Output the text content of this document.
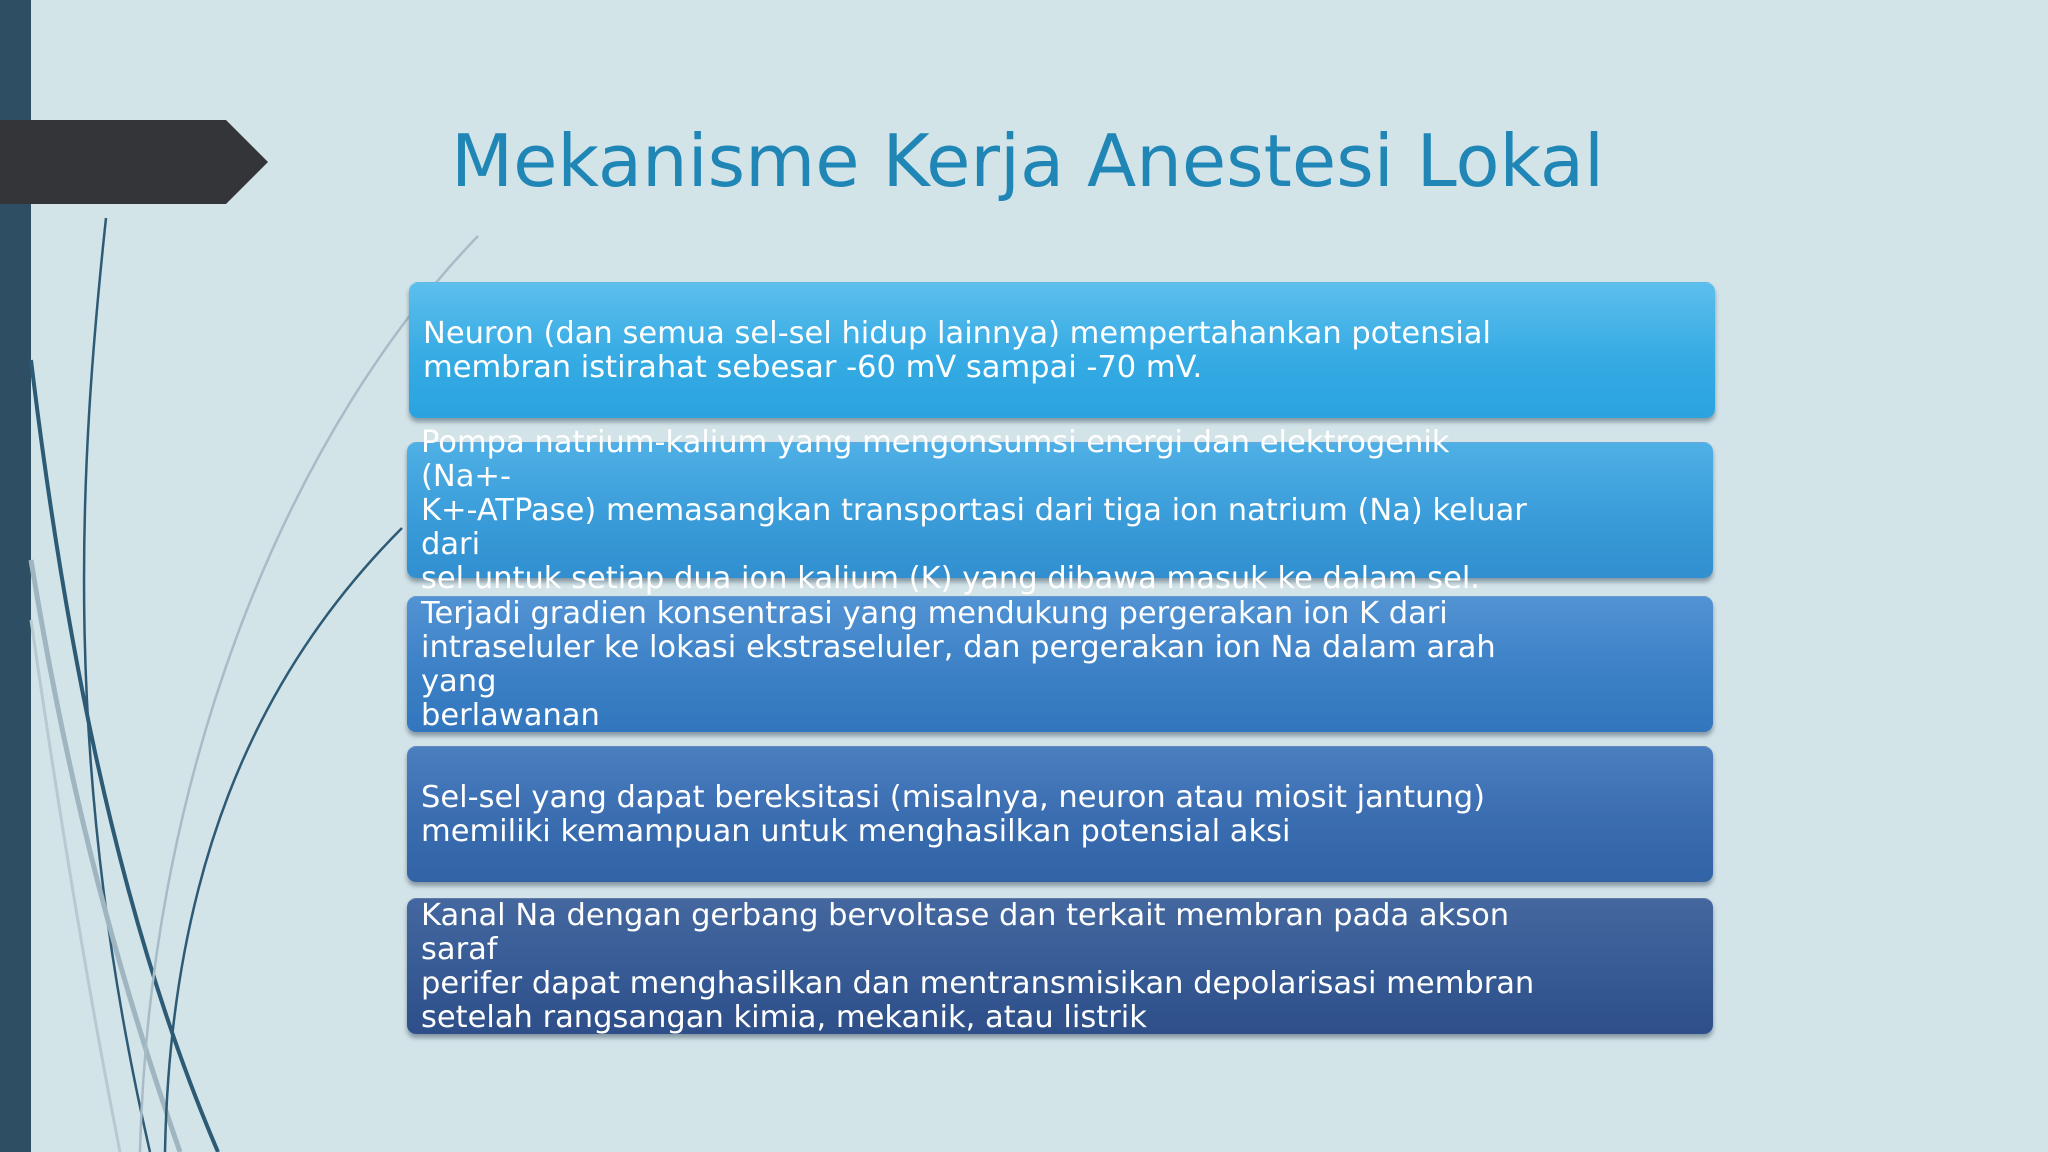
Mekanisme Kerja Anestesi Lokal
Neuron (dan semua sel-sel hidup lainnya) mempertahankan potensial
membran istirahat sebesar -60 mV sampai -70 mV.
Pompa natrium-kalium yang mengonsumsi energi dan elektrogenik (Na+-
K+-ATPase) memasangkan transportasi dari tiga ion natrium (Na) keluar dari
sel untuk setiap dua ion kalium (K) yang dibawa masuk ke dalam sel.
Terjadi gradien konsentrasi yang mendukung pergerakan ion K dari
intraseluler ke lokasi ekstraseluler, dan pergerakan ion Na dalam arah yang
berlawanan
Sel-sel yang dapat bereksitasi (misalnya, neuron atau miosit jantung)
memiliki kemampuan untuk menghasilkan potensial aksi
Kanal Na dengan gerbang bervoltase dan terkait membran pada akson saraf
perifer dapat menghasilkan dan mentransmisikan depolarisasi membran
setelah rangsangan kimia, mekanik, atau listrik
